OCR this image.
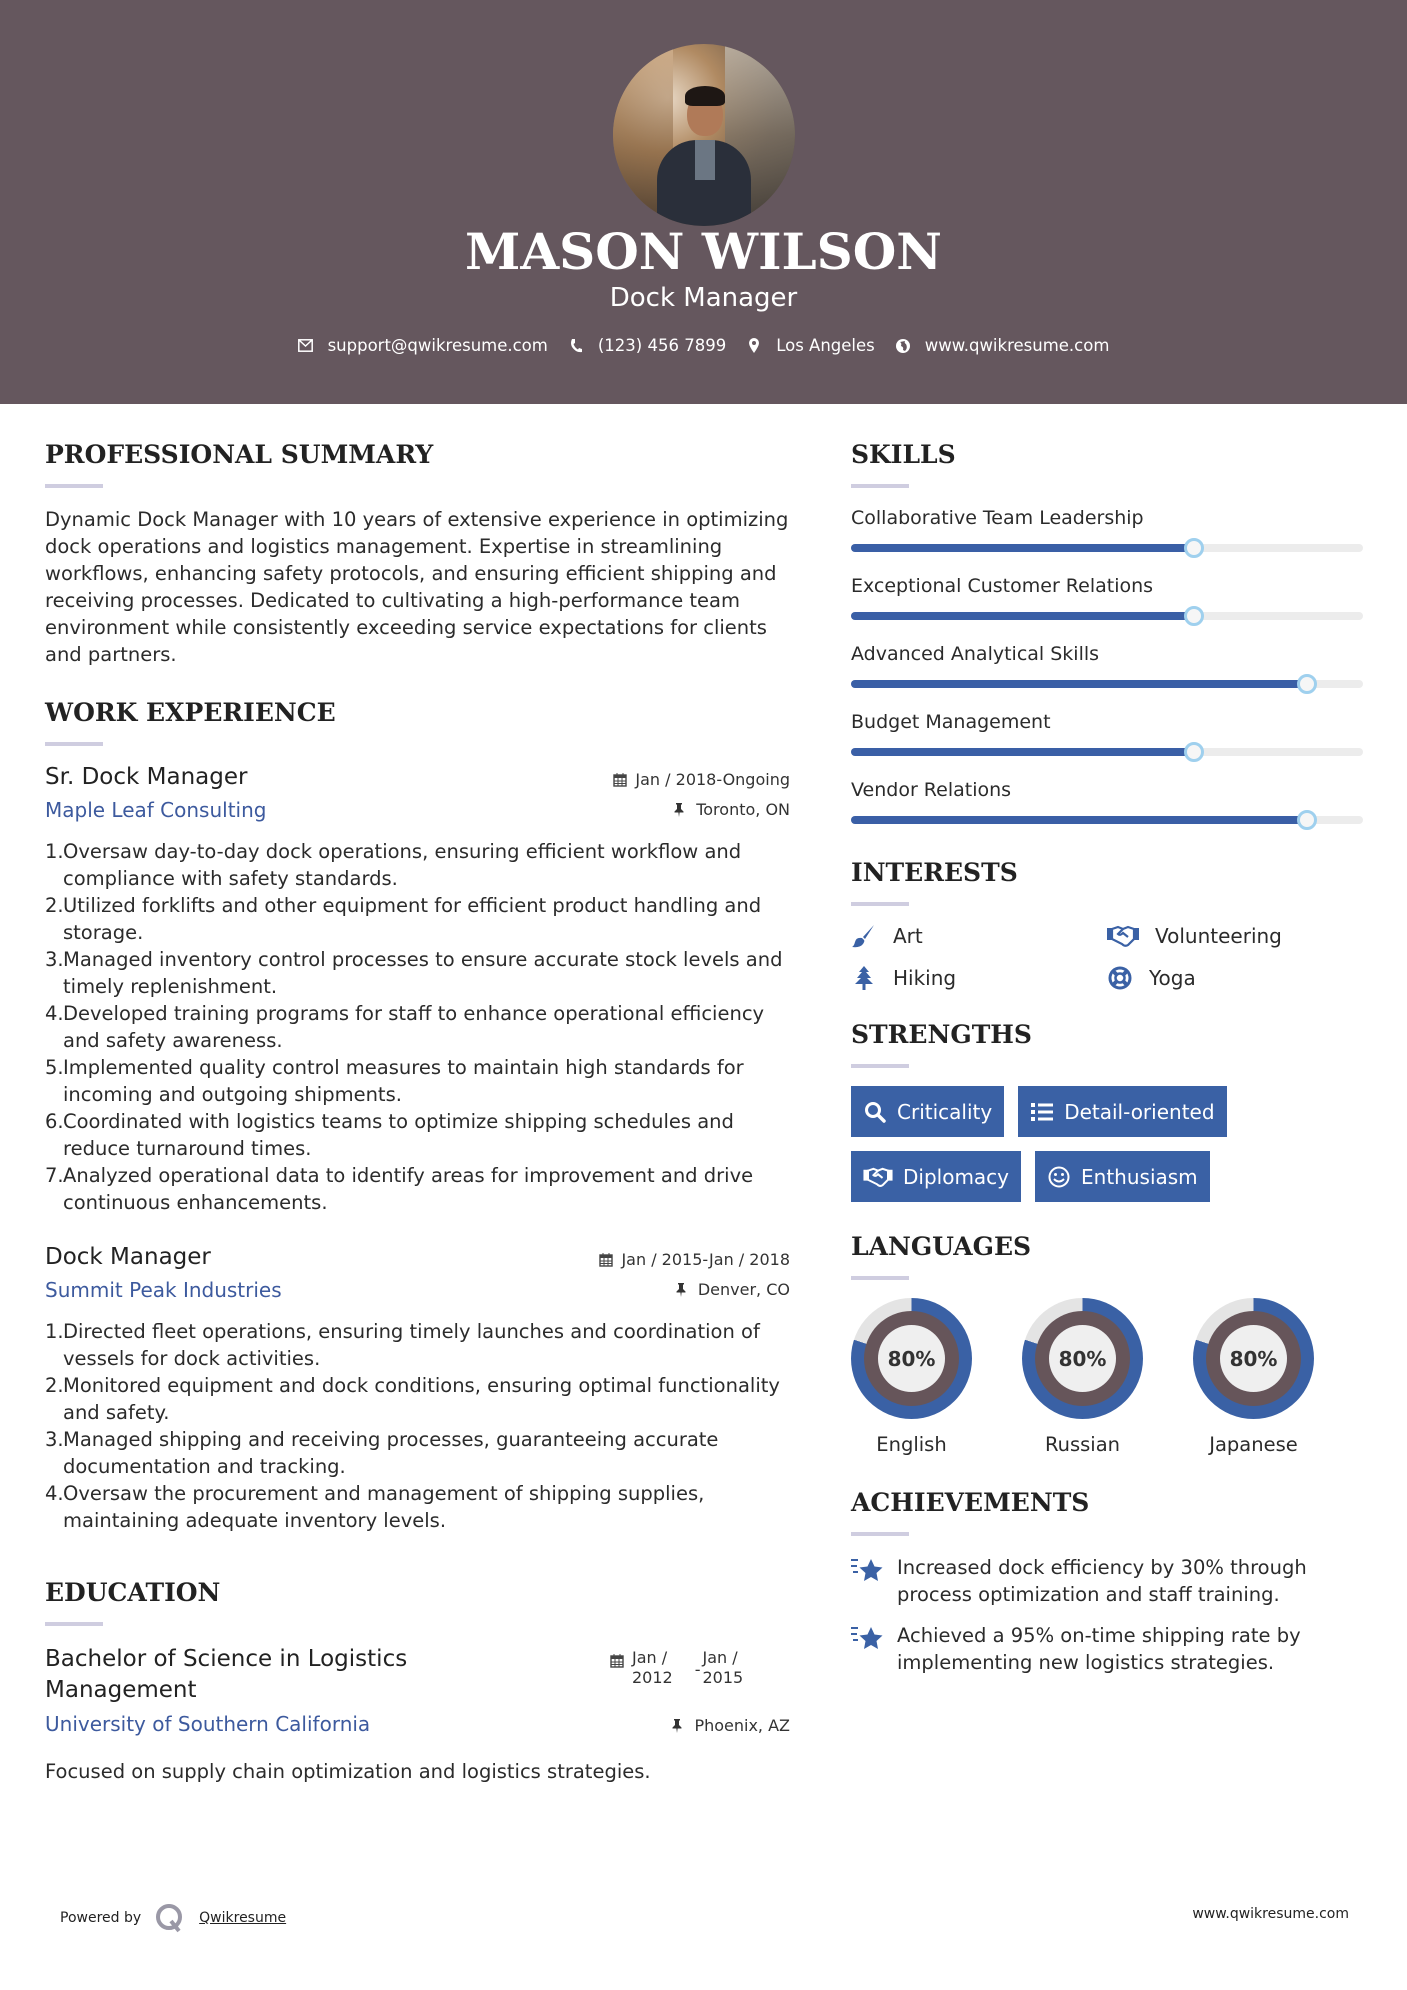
MASON WILSON
Dock Manager
support@qwikresume.com	(123) 456 7899	Los Angeles	www.qwikresume.com
PROFESSIONAL SUMMARY

Dynamic Dock Manager with 10 years of extensive experience in optimizing dock operations and logistics management. Expertise in streamlining workflows, enhancing safety protocols, and ensuring efficient shipping and receiving processes. Dedicated to cultivating a high-performance team environment while consistently exceeding service expectations for clients and partners.

WORK EXPERIENCE
Sr. Dock Manager
Maple Leaf Consulting
Jan / 2018-Ongoing
Toronto, ON
1. Oversaw day-to-day dock operations, ensuring efficient workflow and compliance with safety standards.
2. Utilized forklifts and other equipment for efficient product handling and storage.
3. Managed inventory control processes to ensure accurate stock levels and timely replenishment.
4. Developed training programs for staff to enhance operational efficiency and safety awareness.
5. Implemented quality control measures to maintain high standards for incoming and outgoing shipments.
6. Coordinated with logistics teams to optimize shipping schedules and reduce turnaround times.
7. Analyzed operational data to identify areas for improvement and drive continuous enhancements.
Dock Manager
Summit Peak Industries
Jan / 2015-Jan / 2018
Denver, CO
1. Directed fleet operations, ensuring timely launches and coordination of vessels for dock activities.
2. Monitored equipment and dock conditions, ensuring optimal functionality and safety.
3. Managed shipping and receiving processes, guaranteeing accurate documentation and tracking.
4. Oversaw the procurement and management of shipping supplies, maintaining adequate inventory levels.
EDUCATION
Bachelor of Science in Logistics Management
University of Southern California
Jan /
2012 -
Jan /
2015
Phoenix, AZ

Focused on supply chain optimization and logistics strategies.

SKILLS
Collaborative Team Leadership
Exceptional Customer Relations
Advanced Analytical Skills
Budget Management
Vendor Relations
INTERESTS
Art	Volunteering
Hiking	Yoga
STRENGTHS
Criticality	Detail-oriented
Diplomacy	Enthusiasm
LANGUAGES
80%
English
80%
Russian
80%
Japanese
ACHIEVEMENTS
Increased dock efficiency by 30% through process optimization and staff training.
Achieved a 95% on-time shipping rate by implementing new logistics strategies.
Powered by	Qwikresume	www.qwikresume.com
